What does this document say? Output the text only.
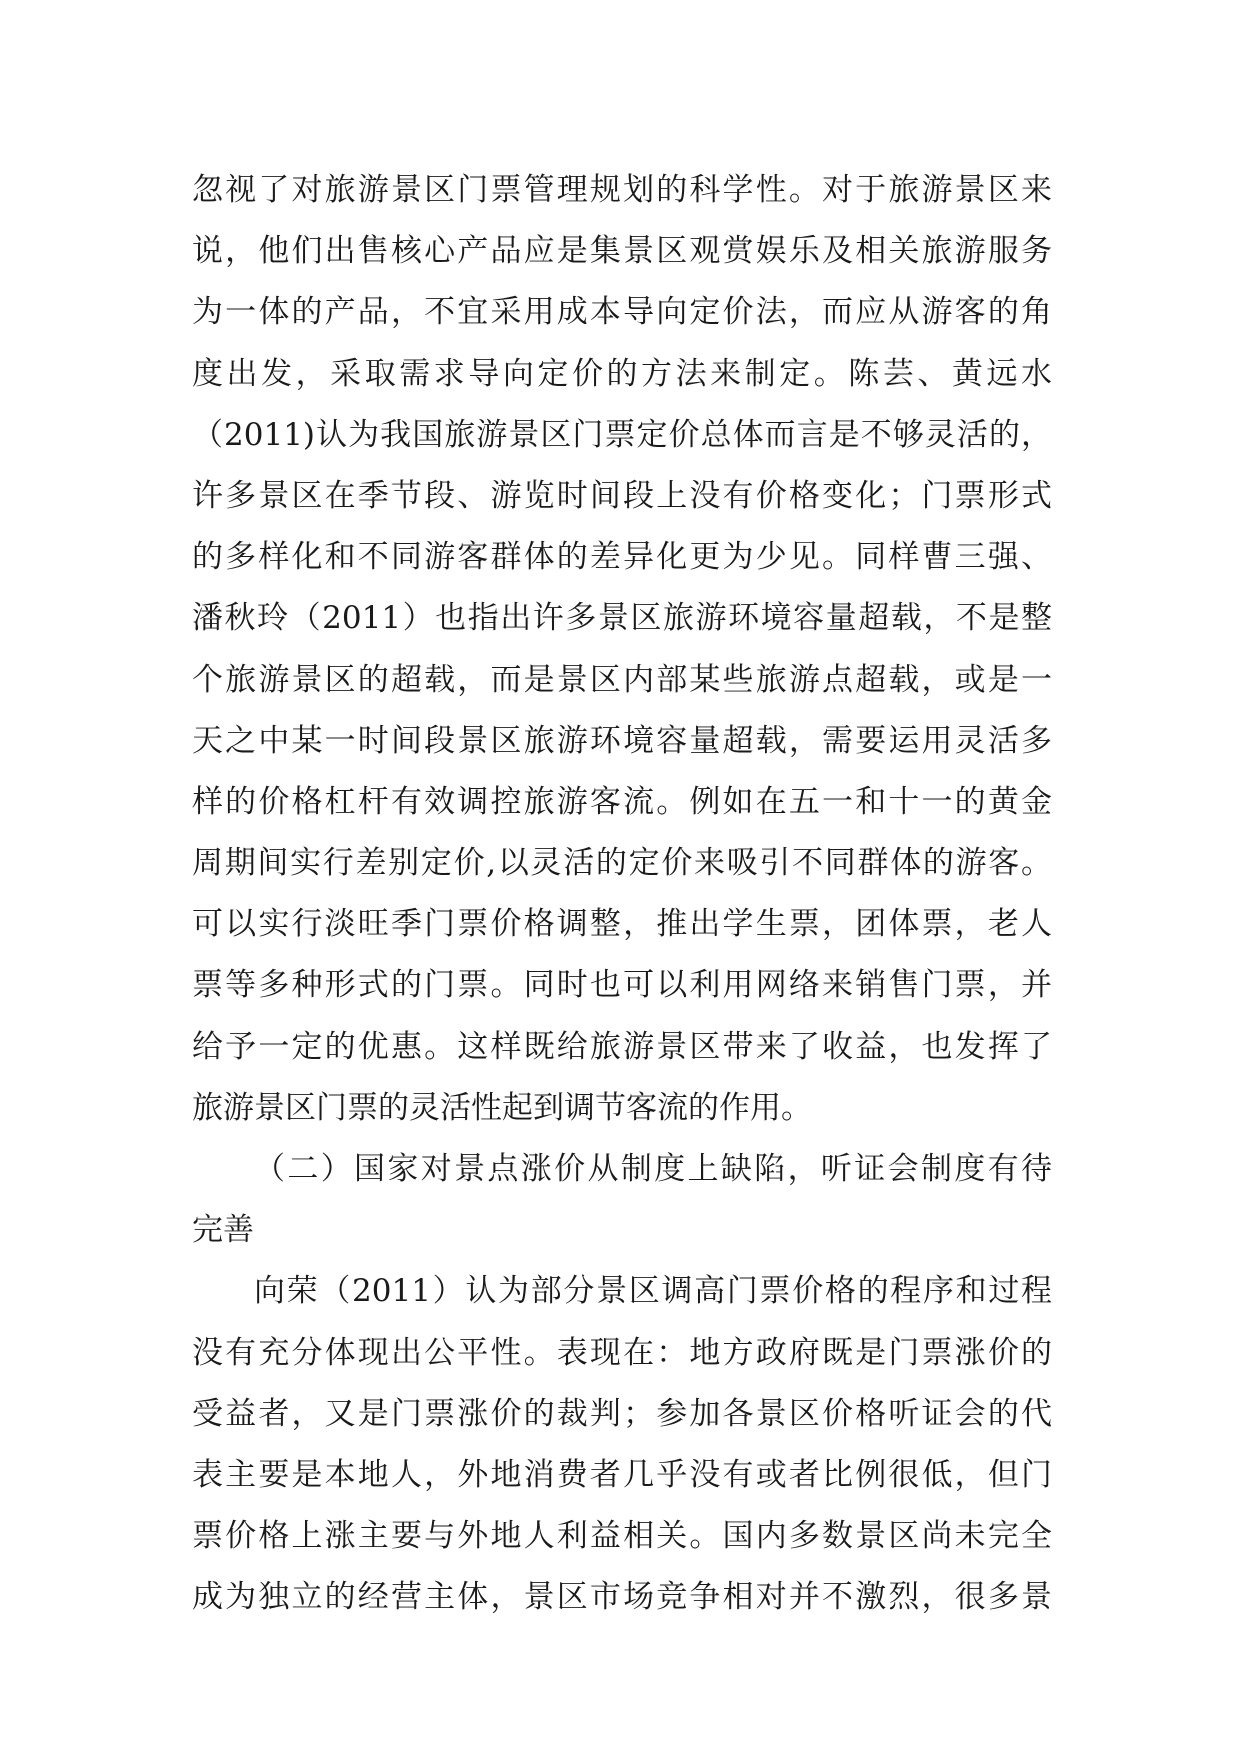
忽视了对旅游景区门票管理规划的科学性。对于旅游景区来
说，他们出售核心产品应是集景区观赏娱乐及相关旅游服务
为一体的产品，不宜采用成本导向定价法，而应从游客的角
度出发，采取需求导向定价的方法来制定。陈芸、黄远水
（2011)认为我国旅游景区门票定价总体而言是不够灵活的，
许多景区在季节段、游览时间段上没有价格变化；门票形式
的多样化和不同游客群体的差异化更为少见。同样曹三强、
潘秋玲（2011）也指出许多景区旅游环境容量超载，不是整
个旅游景区的超载，而是景区内部某些旅游点超载，或是一
天之中某一时间段景区旅游环境容量超载，需要运用灵活多
样的价格杠杆有效调控旅游客流。例如在五一和十一的黄金
周期间实行差别定价,以灵活的定价来吸引不同群体的游客。
可以实行淡旺季门票价格调整，推出学生票，团体票，老人
票等多种形式的门票。同时也可以利用网络来销售门票，并
给予一定的优惠。这样既给旅游景区带来了收益，也发挥了
旅游景区门票的灵活性起到调节客流的作用。
（二）国家对景点涨价从制度上缺陷，听证会制度有待
完善
向荣（2011）认为部分景区调高门票价格的程序和过程
没有充分体现出公平性。表现在：地方政府既是门票涨价的
受益者，又是门票涨价的裁判；参加各景区价格听证会的代
表主要是本地人，外地消费者几乎没有或者比例很低，但门
票价格上涨主要与外地人利益相关。国内多数景区尚未完全
成为独立的经营主体，景区市场竞争相对并不激烈，很多景
